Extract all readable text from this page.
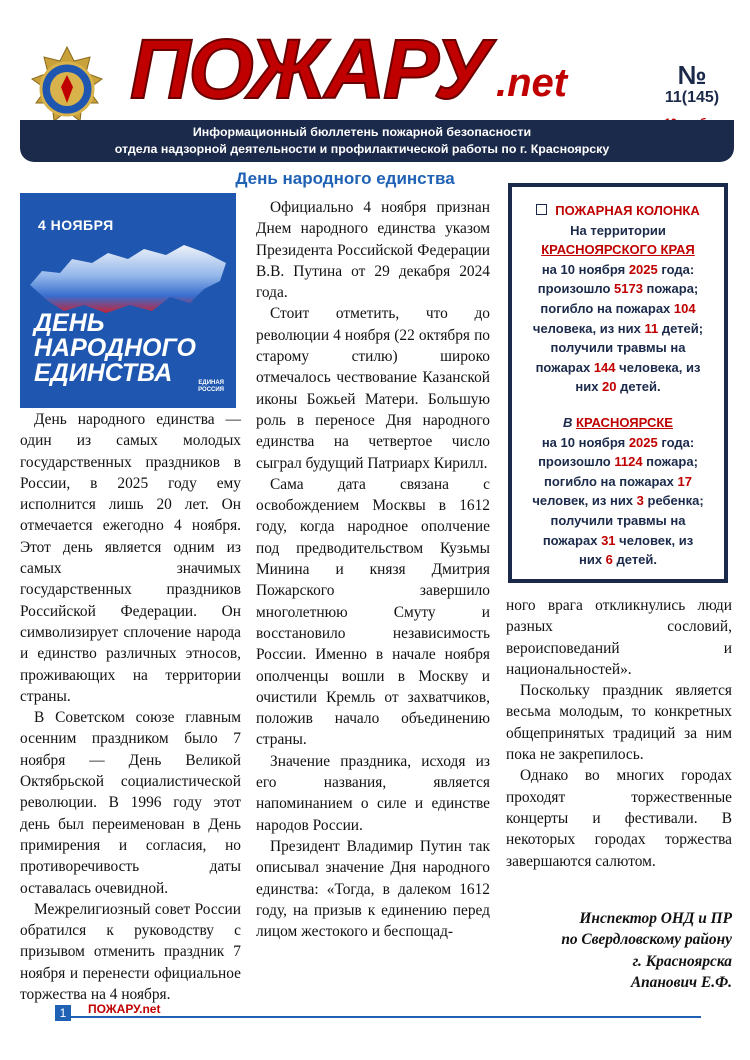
ПОЖАРУ .net	№
11(145)
Информационный бюллетень пожарной безопасности
отдела надзорной деятельности и профилактической работы по г. Красноярску
День народного единства
4 НОЯБРЯ
ДЕНЬ
НАРОДНОГО
ЕДИНСТВА	ЕДИНАЯ
РОССИЯ

День народного единства — один из самых молодых государственных праздников в России, в 2025 году ему исполнится лишь 20 лет. Он отмечается ежегодно 4 ноября. Этот день является одним из самых значимых государственных праздников Российской Федерации. Он символизирует сплочение народа и единство различных этносов, проживающих на территории страны.

В Советском союзе главным осенним праздником было 7 ноября — День Великой Октябрьской социалистической революции. В 1996 году этот день был переименован в День примирения и согласия, но противоречивость даты оставалась очевидной.

Межрелигиозный совет России обратился к руководству с призывом отменить праздник 7 ноября и перенести официальное торжества на 4 ноября.

Официально 4 ноября признан Днем народного единства указом Президента Российской Федерации В.В. Путина от 29 декабря 2024 года.

Стоит отметить, что до революции 4 ноября (22 октября по старому стилю) широко отмечалось чествование Казанской иконы Божьей Матери. Большую роль в переносе Дня народного единства на четвертое число сыграл будущий Патриарх Кирилл.

Сама дата связана с освобождением Москвы в 1612 году, когда народное ополчение под предводительством Кузьмы Минина и князя Дмитрия Пожарского завершило многолетнюю Смуту и восстановило независимость России. Именно в начале ноября ополченцы вошли в Москву и очистили Кремль от захватчиков, положив начало объединению страны.

Значение праздника, исходя из его названия, является напоминанием о силе и единстве народов России.

Президент Владимир Путин так описывал значение Дня народного единства: «Тогда, в далеком 1612 году, на призыв к единению перед лицом жестокого и беспощад-

ПОЖАРНАЯ КОЛОНКА
На территории
КРАСНОЯРСКОГО КРАЯ
на 10 ноября 2025 года:
произошло 5173 пожара;
погибло на пожарах 104
человека, из них 11 детей;
получили травмы на
пожарах 144 человека, из
них 20 детей.
В КРАСНОЯРСКЕ
на 10 ноября 2025 года:
произошло 1124 пожара;
погибло на пожарах 17
человек, из них 3 ребенка;
получили травмы на
пожарах 31 человек, из
них 6 детей.

ного врага откликнулись люди разных сословий, вероисповеданий и национальностей».

Поскольку праздник является весьма молодым, то конкретных общепринятых традиций за ним пока не закрепилось.

Однако во многих городах проходят торжественные концерты и фестивали. В некоторых городах торжества завершаются салютом.

Инспектор ОНД и ПР
по Свердловскому району
г. Красноярска
Апанович Е.Ф.
1	ПОЖАРУ.net
